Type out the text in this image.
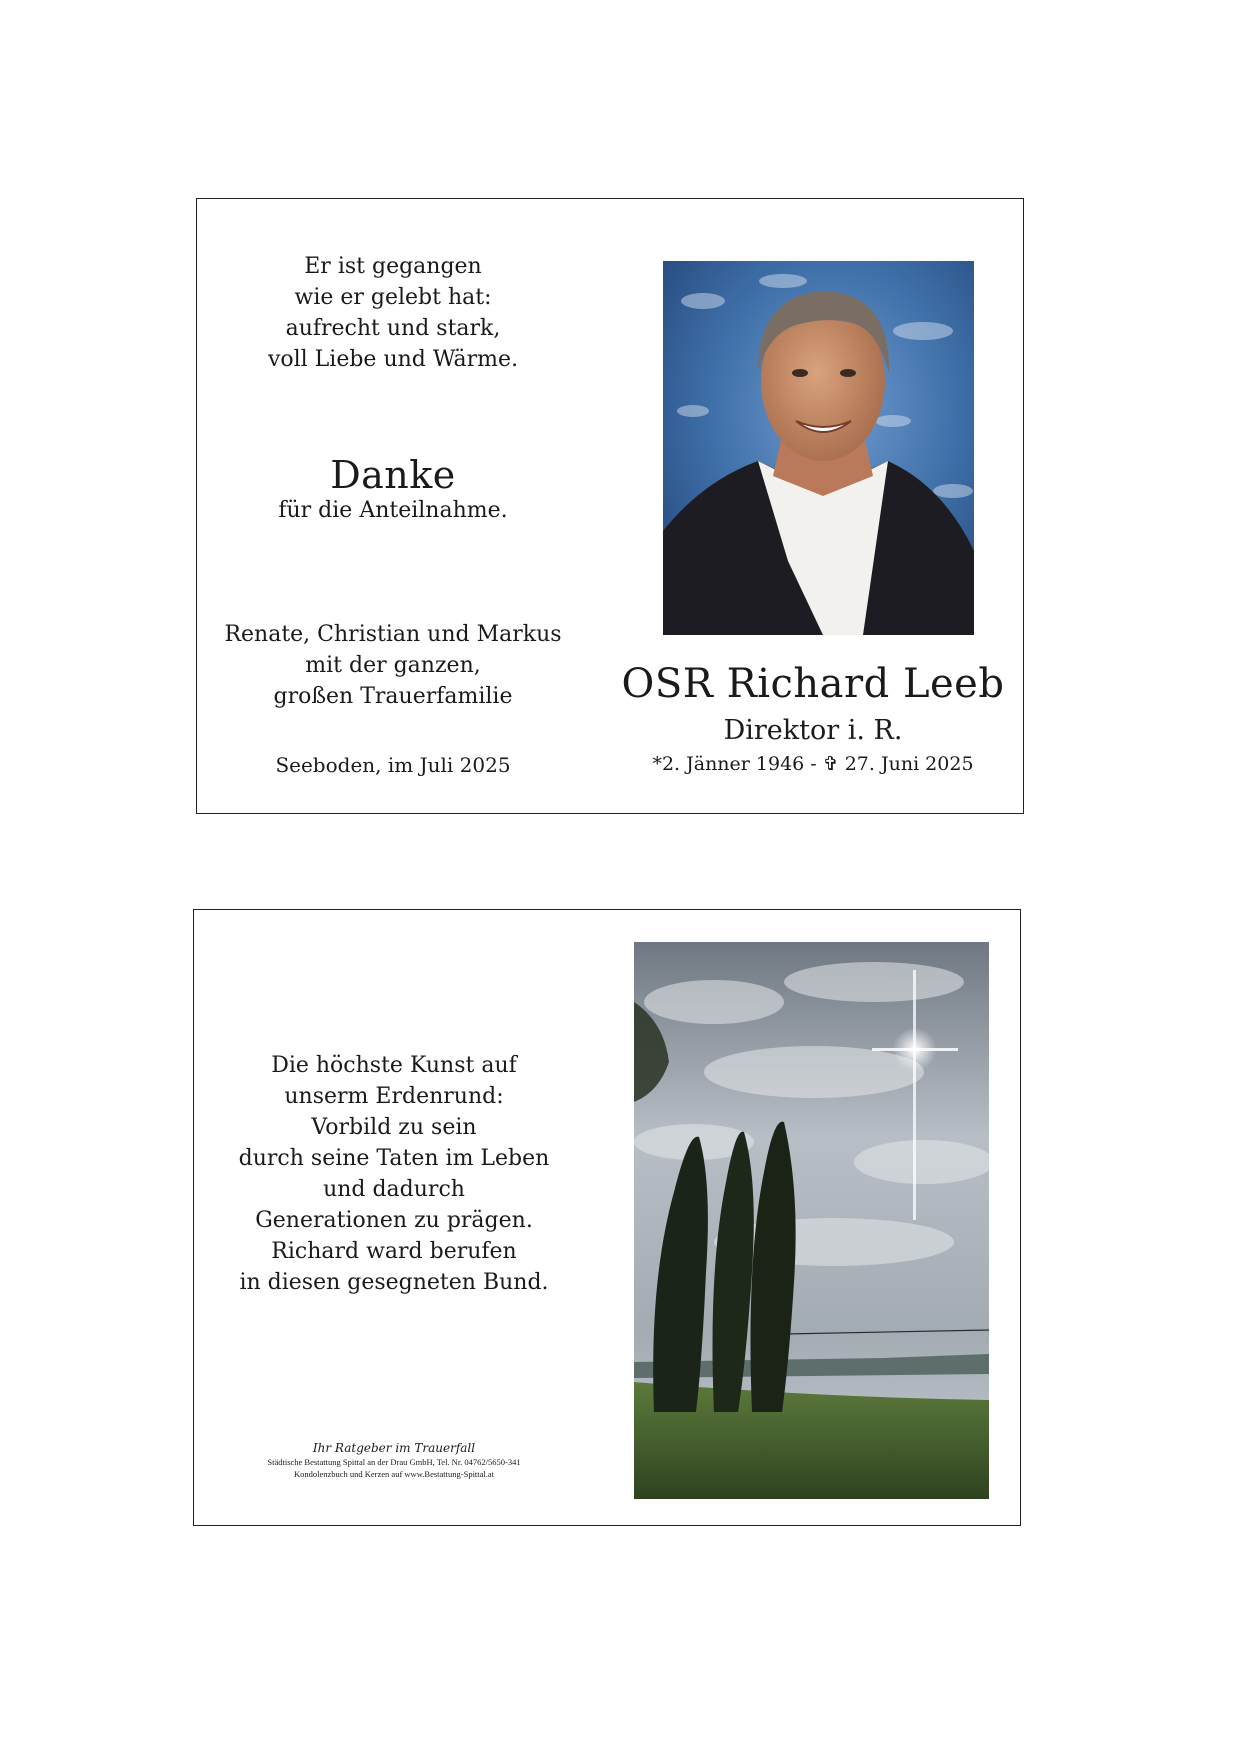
Er ist gegangen
wie er gelebt hat:
aufrecht und stark,
voll Liebe und Wärme.
Danke
für die Anteilnahme.
Renate, Christian und Markus
mit der ganzen,
großen Trauerfamilie
Seeboden, im Juli 2025
OSR Richard Leeb
Direktor i. R.
*2. Jänner 1946 - ✞ 27. Juni 2025
Die höchste Kunst auf
unserm Erdenrund:
Vorbild zu sein
durch seine Taten im Leben
und dadurch
Generationen zu prägen.
Richard ward berufen
in diesen gesegneten Bund.
Ihr Ratgeber im Trauerfall
Städtische Bestattung Spittal an der Drau GmbH, Tel. Nr. 04762/5650-341
Kondolenzbuch und Kerzen auf www.Bestattung-Spittal.at
